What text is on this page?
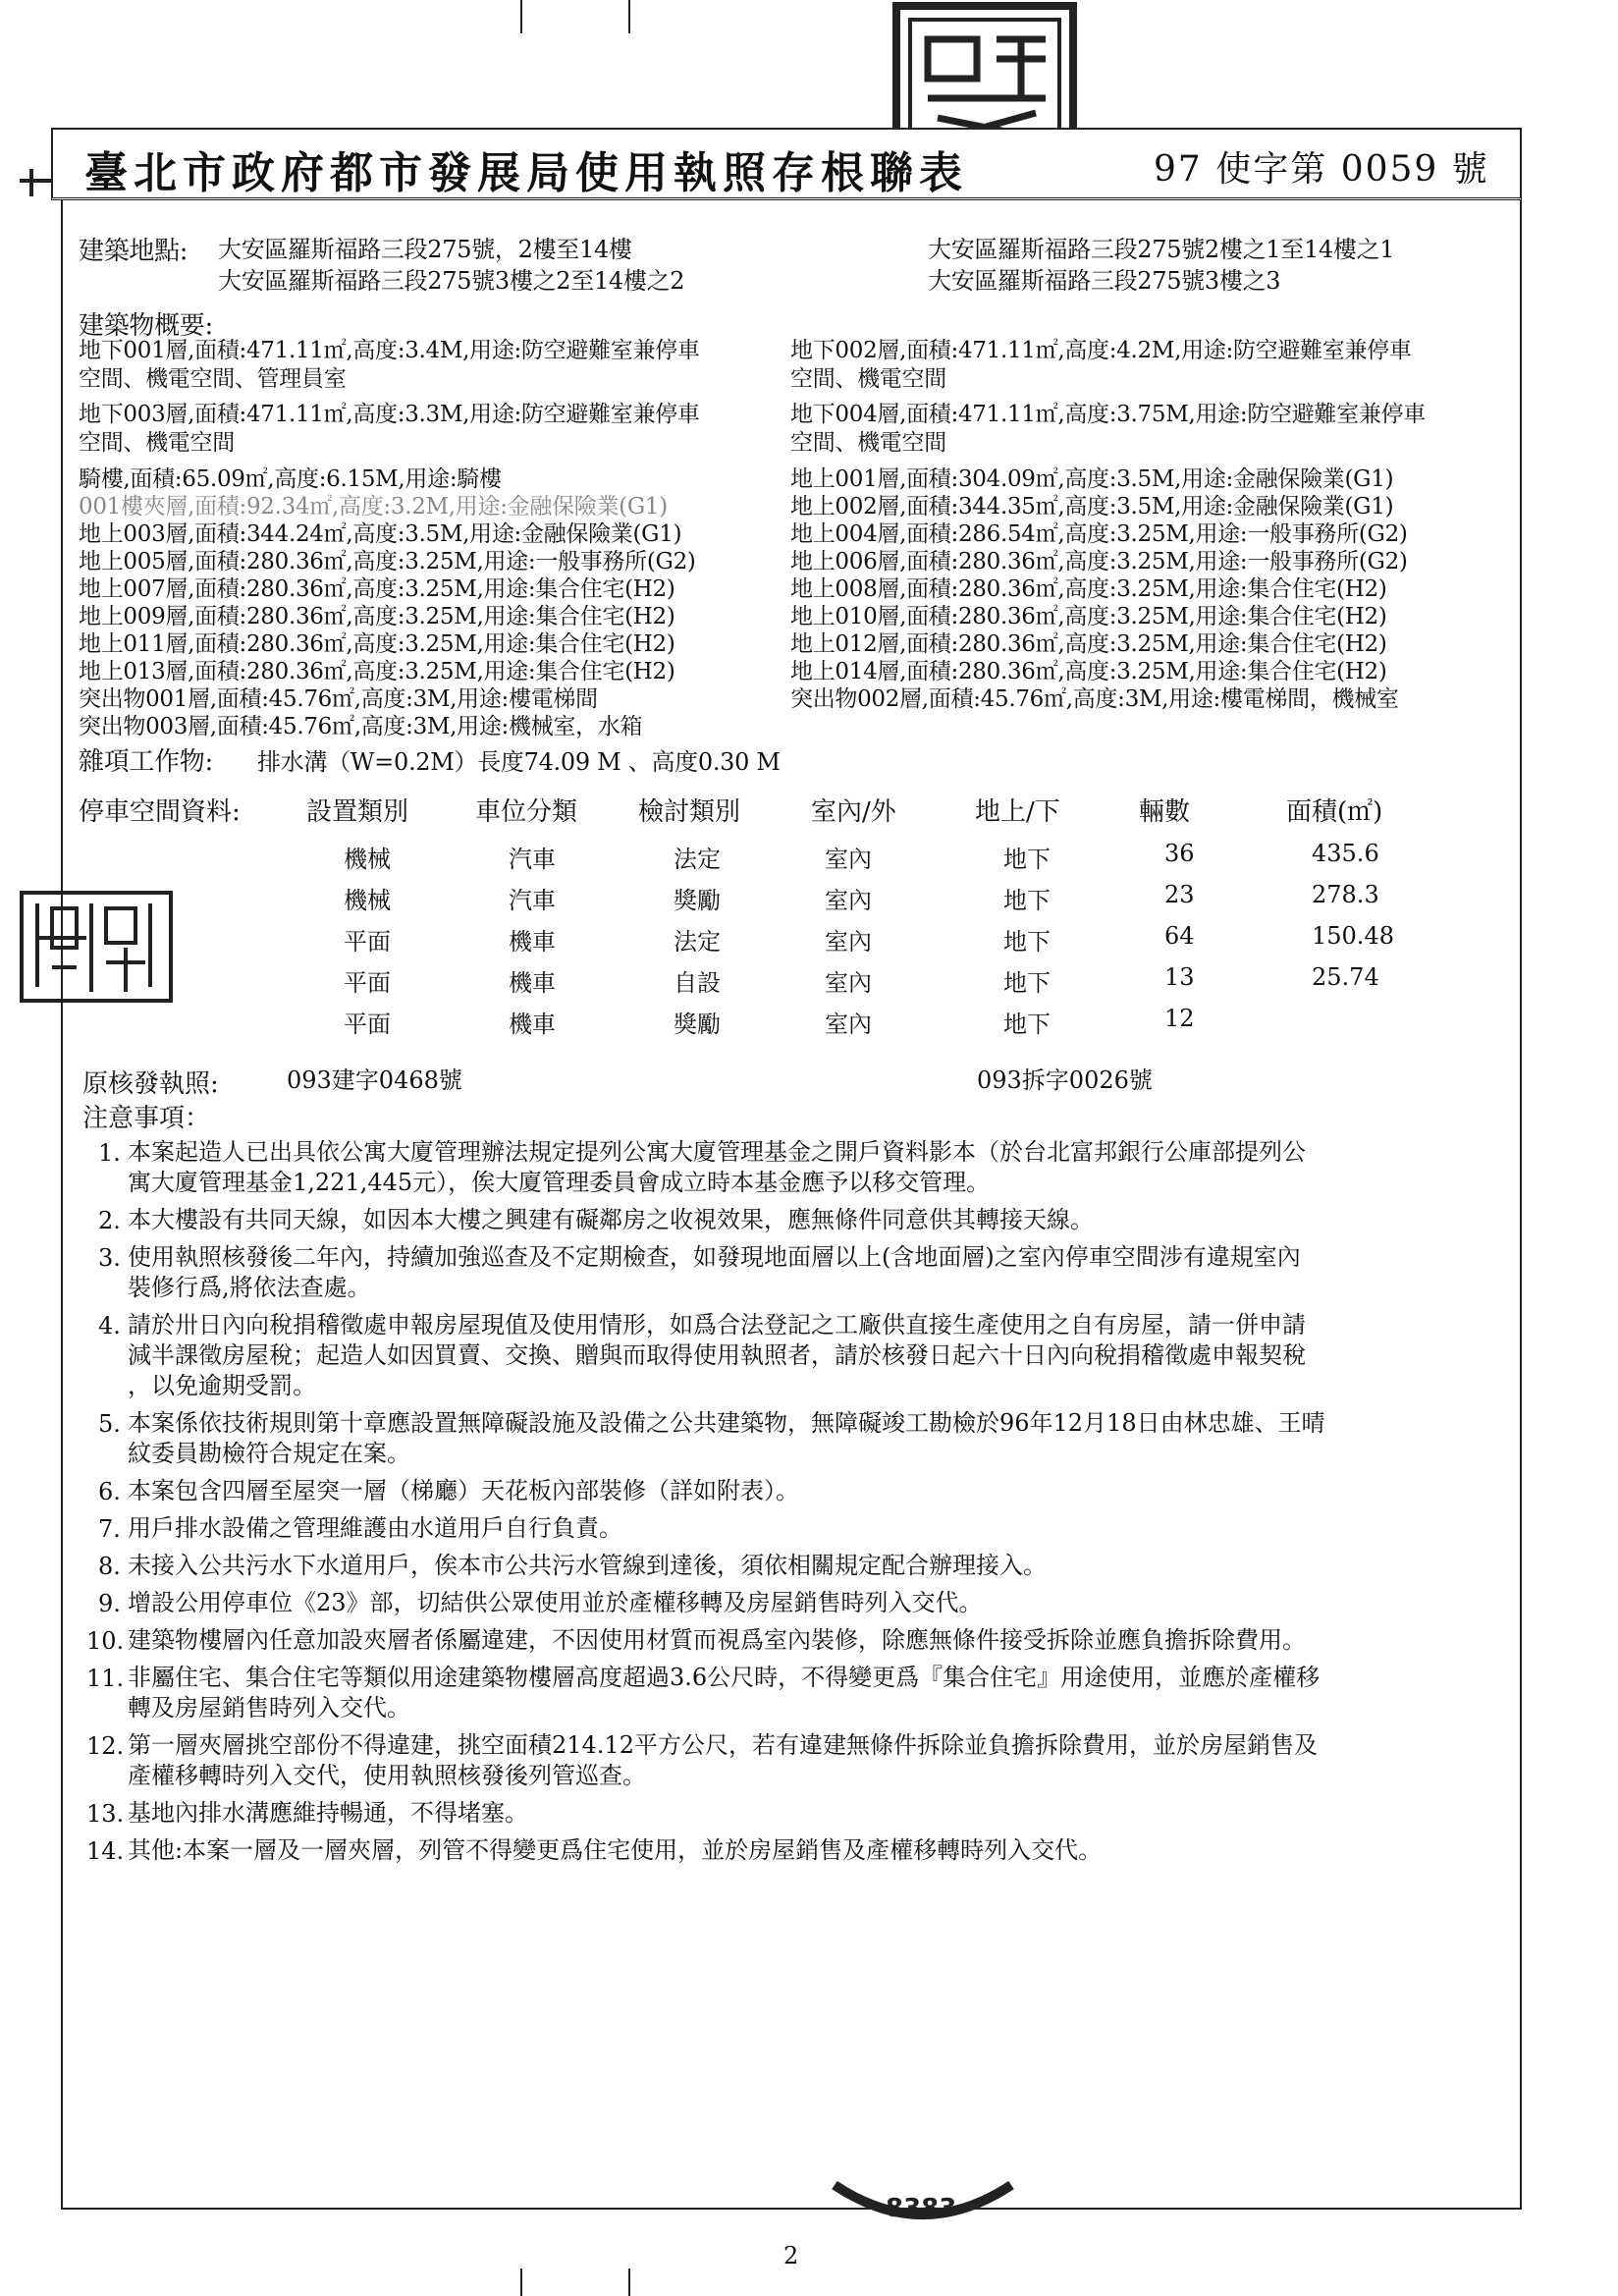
8383
臺北市政府都市發展局使用執照存根聯表	97 使字第 0059 號
建築地點: 大安區羅斯福路三段275號，2樓至14樓
大安區羅斯福路三段275號3樓之2至14樓之2
大安區羅斯福路三段275號2樓之1至14樓之1
大安區羅斯福路三段275號3樓之3
建築物概要:
地下001層,面積:471.11㎡,高度:3.4M,用途:防空避難室兼停車
空間、機電空間、管理員室
地下003層,面積:471.11㎡,高度:3.3M,用途:防空避難室兼停車
空間、機電空間
騎樓,面積:65.09㎡,高度:6.15M,用途:騎樓
001樓夾層,面積:92.34㎡,高度:3.2M,用途:金融保險業(G1)
地上003層,面積:344.24㎡,高度:3.5M,用途:金融保險業(G1)
地上005層,面積:280.36㎡,高度:3.25M,用途:一般事務所(G2)
地上007層,面積:280.36㎡,高度:3.25M,用途:集合住宅(H2)
地上009層,面積:280.36㎡,高度:3.25M,用途:集合住宅(H2)
地上011層,面積:280.36㎡,高度:3.25M,用途:集合住宅(H2)
地上013層,面積:280.36㎡,高度:3.25M,用途:集合住宅(H2)
突出物001層,面積:45.76㎡,高度:3M,用途:樓電梯間
突出物003層,面積:45.76㎡,高度:3M,用途:機械室，水箱
地下002層,面積:471.11㎡,高度:4.2M,用途:防空避難室兼停車
空間、機電空間
地下004層,面積:471.11㎡,高度:3.75M,用途:防空避難室兼停車
空間、機電空間
地上001層,面積:304.09㎡,高度:3.5M,用途:金融保險業(G1)
地上002層,面積:344.35㎡,高度:3.5M,用途:金融保險業(G1)
地上004層,面積:286.54㎡,高度:3.25M,用途:一般事務所(G2)
地上006層,面積:280.36㎡,高度:3.25M,用途:一般事務所(G2)
地上008層,面積:280.36㎡,高度:3.25M,用途:集合住宅(H2)
地上010層,面積:280.36㎡,高度:3.25M,用途:集合住宅(H2)
地上012層,面積:280.36㎡,高度:3.25M,用途:集合住宅(H2)
地上014層,面積:280.36㎡,高度:3.25M,用途:集合住宅(H2)
突出物002層,面積:45.76㎡,高度:3M,用途:樓電梯間，機械室
雜項工作物: 排水溝（W=0.2M）長度74.09 M 、高度0.30 M
停車空間資料:	設置類別	車位分類 檢討類別	室內/外	地上/下	輛數	面積(㎡)
機械	汽車	法定	室內	地下	36	435.6
機械	汽車	獎勵	室內	地下	23	278.3
平面	機車	法定	室內	地下	64	150.48
平面	機車	自設	室內	地下	13	25.74
平面	機車	獎勵	室內	地下	12
原核發執照:	093建字0468號	093拆字0026號
注意事項：
1. 本案起造人已出具依公寓大廈管理辦法規定提列公寓大廈管理基金之開戶資料影本（於台北富邦銀行公庫部提列公
寓大廈管理基金1,221,445元），俟大廈管理委員會成立時本基金應予以移交管理。
2. 本大樓設有共同天線，如因本大樓之興建有礙鄰房之收視效果，應無條件同意供其轉接天線。
3. 使用執照核發後二年內，持續加強巡查及不定期檢查，如發現地面層以上(含地面層)之室內停車空間涉有違規室內
裝修行爲,將依法查處。
4. 請於卅日內向稅捐稽徵處申報房屋現值及使用情形，如爲合法登記之工廠供直接生產使用之自有房屋，請一併申請
減半課徵房屋稅；起造人如因買賣、交換、贈與而取得使用執照者，請於核發日起六十日內向稅捐稽徵處申報契稅
，以免逾期受罰。
5. 本案係依技術規則第十章應設置無障礙設施及設備之公共建築物，無障礙竣工勘檢於96年12月18日由林忠雄、王晴
紋委員勘檢符合規定在案。
6. 本案包含四層至屋突一層（梯廳）天花板內部裝修（詳如附表）。
7. 用戶排水設備之管理維護由水道用戶自行負責。
8. 未接入公共污水下水道用戶，俟本市公共污水管線到達後，須依相關規定配合辦理接入。
9. 增設公用停車位《23》部，切結供公眾使用並於產權移轉及房屋銷售時列入交代。
10. 建築物樓層內任意加設夾層者係屬違建，不因使用材質而視爲室內裝修，除應無條件接受拆除並應負擔拆除費用。
11. 非屬住宅、集合住宅等類似用途建築物樓層高度超過3.6公尺時，不得變更爲『集合住宅』用途使用，並應於產權移
轉及房屋銷售時列入交代。
12. 第一層夾層挑空部份不得違建，挑空面積214.12平方公尺，若有違建無條件拆除並負擔拆除費用，並於房屋銷售及
產權移轉時列入交代，使用執照核發後列管巡查。
13. 基地內排水溝應維持暢通，不得堵塞。
14. 其他:本案一層及一層夾層，列管不得變更爲住宅使用，並於房屋銷售及產權移轉時列入交代。
2
